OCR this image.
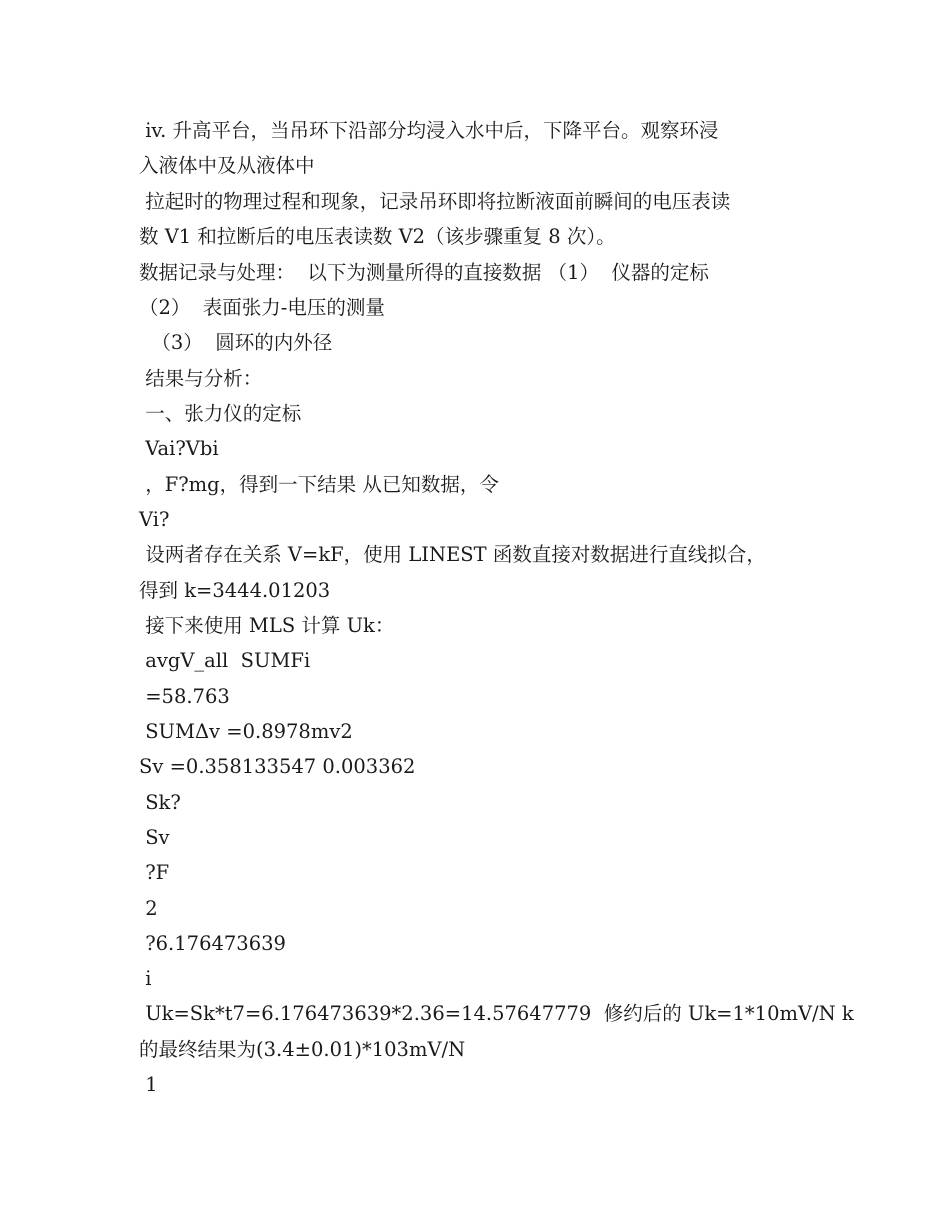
iv. 升高平台，当吊环下沿部分均浸入水中后，下降平台。观察环浸
入液体中及从液体中
拉起时的物理过程和现象，记录吊环即将拉断液面前瞬间的电压表读
数 V1 和拉断后的电压表读数 V2（该步骤重复 8 次）。
数据记录与处理：  以下为测量所得的直接数据 （1）  仪器的定标
（2）  表面张力-电压的测量
（3）  圆环的内外径
结果与分析：
一、张力仪的定标
Vai?Vbi
，F?mg，得到一下结果 从已知数据，令
Vi?
设两者存在关系 V=kF，使用 LINEST 函数直接对数据进行直线拟合，
得到 k=3444.01203
接下来使用 MLS 计算 Uk：
avgV_all  SUMFi
=58.763
SUMΔv =0.8978mv2
Sv =0.358133547 0.003362
Sk?
Sv
?F
2
?6.176473639
i
Uk=Sk*t7=6.176473639*2.36=14.57647779  修约后的 Uk=1*10mV/N k
的最终结果为(3.4±0.01)*103mV/N
1
